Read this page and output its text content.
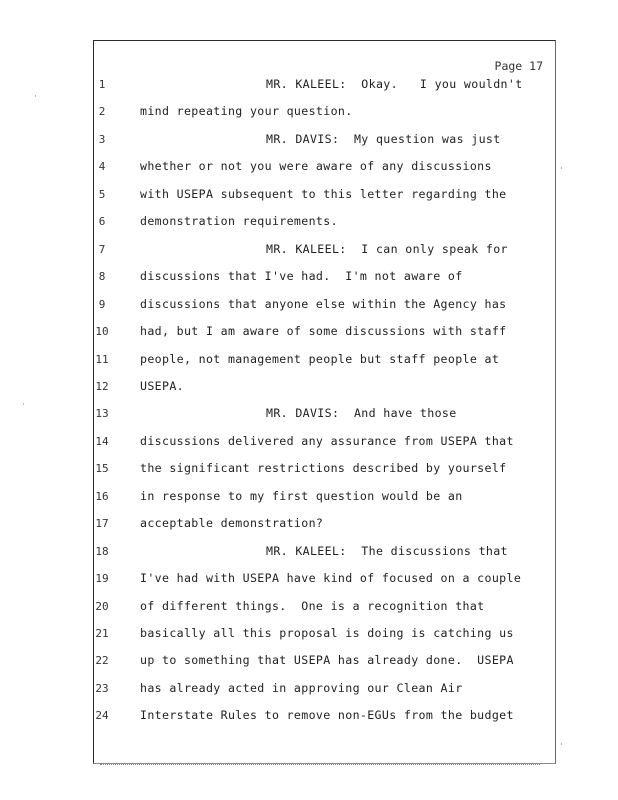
Page 17
1	MR. KALEEL:  Okay.   I you wouldn't
2	mind repeating your question.
3	MR. DAVIS:  My question was just
4	whether or not you were aware of any discussions
5	with USEPA subsequent to this letter regarding the
6	demonstration requirements.
7	MR. KALEEL:  I can only speak for
8	discussions that I've had.  I'm not aware of
9	discussions that anyone else within the Agency has
10	had, but I am aware of some discussions with staff
11	people, not management people but staff people at
12	USEPA.
13	MR. DAVIS:  And have those
14	discussions delivered any assurance from USEPA that
15	the significant restrictions described by yourself
16	in response to my first question would be an
17	acceptable demonstration?
18	MR. KALEEL:  The discussions that
19	I've had with USEPA have kind of focused on a couple
20	of different things.  One is a recognition that
21	basically all this proposal is doing is catching us
22	up to something that USEPA has already done.  USEPA
23	has already acted in approving our Clean Air
24	Interstate Rules to remove non-EGUs from the budget
·
·
·
·
